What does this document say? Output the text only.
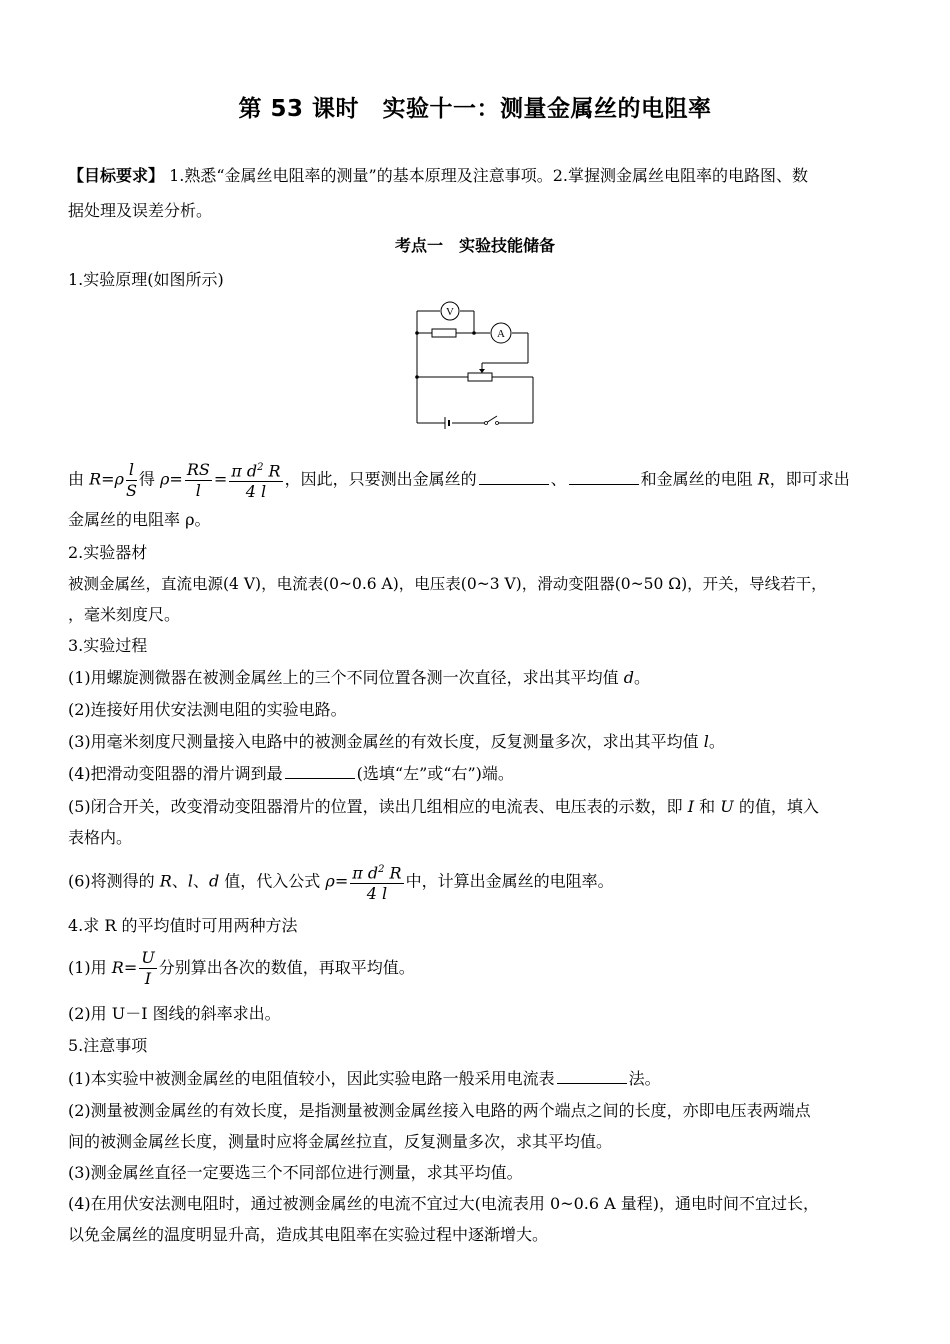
第 53 课时　实验十一：测量金属丝的电阻率
【目标要求】 1.熟悉“金属丝电阻率的测量”的基本原理及注意事项。2.掌握测金属丝电阻率的电路图、数
据处理及误差分析。
考点一　实验技能储备
1.实验原理(如图所示)
V
A
由 $R=\rho \frac{l}{S}$ 得 $\rho= \frac{RS}{l} = \frac{\pi d^2 R}{4 l}$ ，因此，只要测出金属丝的	、	和金属丝的电阻 R，即可求出
金属丝的电阻率 ρ。
2.实验器材
被测金属丝，直流电源(4 V)，电流表(0~0.6 A)，电压表(0~3 V)，滑动变阻器(0~50 Ω)，开关，导线若干，
，毫米刻度尺。
3.实验过程
(1)用螺旋测微器在被测金属丝上的三个不同位置各测一次直径，求出其平均值 d。
(2)连接好用伏安法测电阻的实验电路。
(3)用毫米刻度尺测量接入电路中的被测金属丝的有效长度，反复测量多次，求出其平均值 l。
(4)把滑动变阻器的滑片调到最	(选填“左”或“右”)端。
(5)闭合开关，改变滑动变阻器滑片的位置，读出几组相应的电流表、电压表的示数，即 I 和 U 的值，填入
表格内。
(6)将测得的 R、l、d 值，代入公式 $\rho= \frac{\pi d^2 R}{4 l}$ 中，计算出金属丝的电阻率。
4.求 R 的平均值时可用两种方法
(1)用 $R= \frac{U}{I}$ 分别算出各次的数值，再取平均值。
(2)用 U－I 图线的斜率求出。
5.注意事项
(1)本实验中被测金属丝的电阻值较小，因此实验电路一般采用电流表	法。
(2)测量被测金属丝的有效长度，是指测量被测金属丝接入电路的两个端点之间的长度，亦即电压表两端点
间的被测金属丝长度，测量时应将金属丝拉直，反复测量多次，求其平均值。
(3)测金属丝直径一定要选三个不同部位进行测量，求其平均值。
(4)在用伏安法测电阻时，通过被测金属丝的电流不宜过大(电流表用 0~0.6 A 量程)，通电时间不宜过长，
以免金属丝的温度明显升高，造成其电阻率在实验过程中逐渐增大。
